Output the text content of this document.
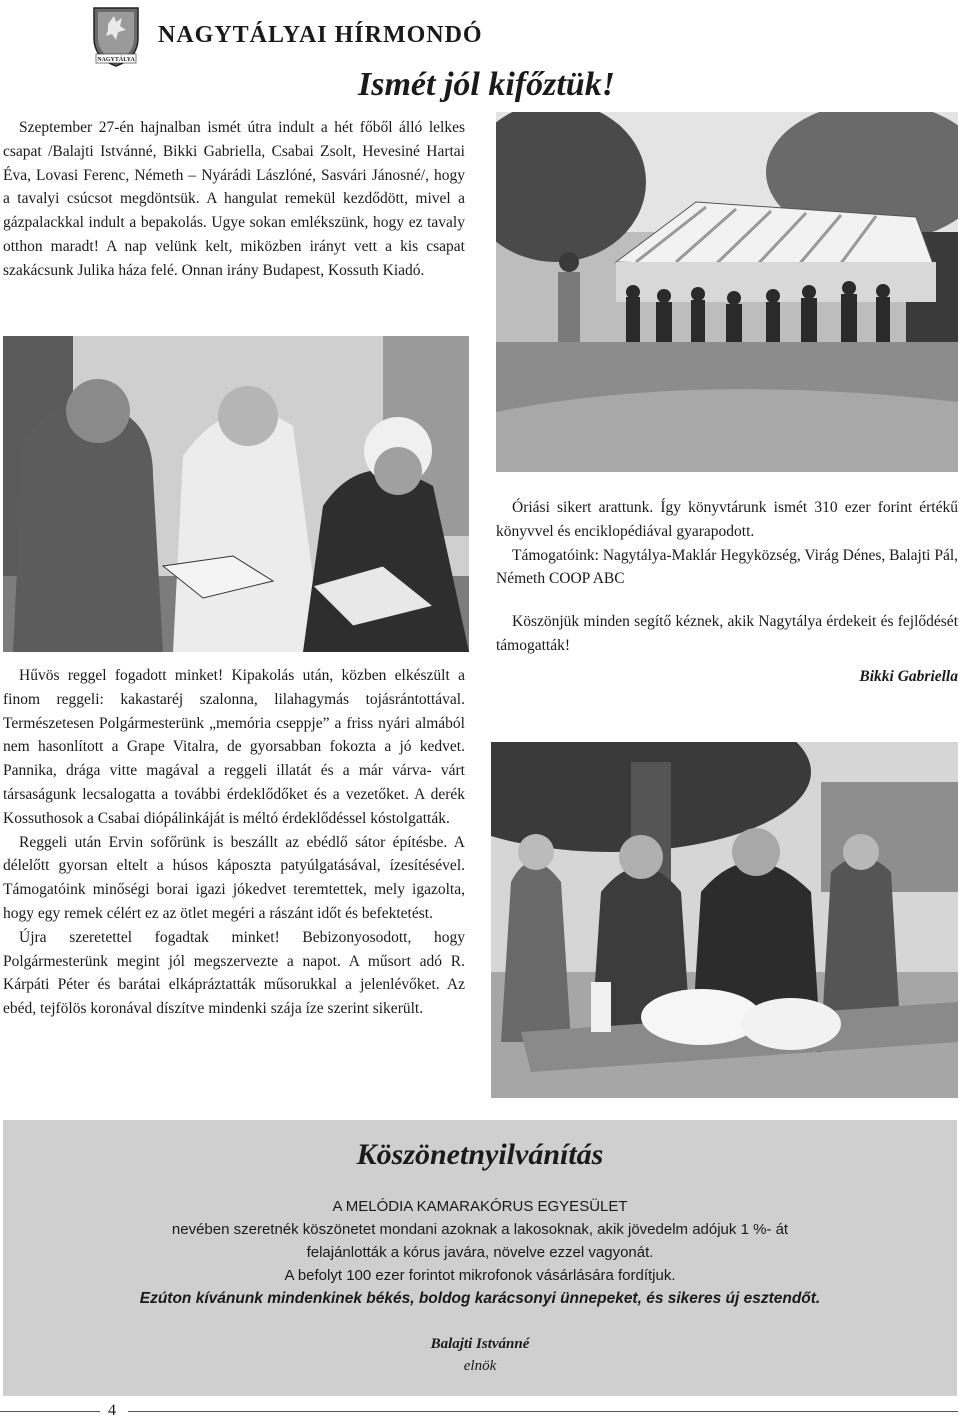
NAGYTÁLYA
NAGYTÁLYAI HÍRMONDÓ
Ismét jól kifőztük!

Szeptember 27-én hajnalban ismét útra indult a hét főből álló lelkes csapat /Balajti Istvánné, Bikki Gabriella, Csabai Zsolt, Hevesiné Hartai Éva, Lovasi Ferenc, Németh – Nyárádi Lászlóné, Sasvári Jánosné/, hogy a tavalyi csúcsot megdöntsük. A hangulat remekül kezdődött, mivel a gázpalackkal indult a bepakolás. Ugye sokan emlékszünk, hogy ez tavaly otthon maradt! A nap velünk kelt, miközben irányt vett a kis csapat szakácsunk Julika háza felé. Onnan irány Budapest, Kossuth Kiadó.

Hűvös reggel fogadott minket! Kipakolás után, közben elkészült a finom reggeli: kakastaréj szalonna, lilahagymás tojásrántottával. Természetesen Polgármesterünk „memória cseppje” a friss nyári almából nem hasonlított a Grape Vitalra, de gyorsabban fokozta a jó kedvet. Pannika, drága vitte magával a reggeli illatát és a már várva- várt társaságunk lecsalogatta a további érdeklődőket és a vezetőket. A derék Kossuthosok a Csabai diópálinkáját is méltó érdeklődéssel kóstolgatták.

Reggeli után Ervin sofőrünk is beszállt az ebédlő sátor építésbe. A délelőtt gyorsan eltelt a húsos káposzta patyúlgatásával, ízesítésével. Támogatóink minőségi borai igazi jókedvet teremtettek, mely igazolta, hogy egy remek célért ez az ötlet megéri a rászánt időt és befektetést.

Újra szeretettel fogadtak minket! Bebizonyosodott, hogy Polgármesterünk megint jól megszervezte a napot. A műsort adó R. Kárpáti Péter és barátai elkápráztatták műsorukkal a jelenlévőket. Az ebéd, tejfölös koronával díszítve mindenki szája íze szerint sikerült.

Óriási sikert arattunk. Így könyvtárunk ismét 310 ezer forint értékű könyvvel és enciklopédiával gyarapodott.

Támogatóink: Nagytálya-Maklár Hegyközség, Virág Dénes, Balajti Pál, Németh COOP ABC

Köszönjük minden segítő kéznek, akik Nagytálya érdekeit és fejlődését támogatták!

Bikki Gabriella
Köszönetnyilvánítás
A MELÓDIA KAMARAKÓRUS EGYESÜLET
nevében szeretnék köszönetet mondani azoknak a lakosoknak, akik jövedelm adójuk 1 %- át
felajánlották a kórus javára, növelve ezzel vagyonát.
A befolyt 100 ezer forintot mikrofonok vásárlására fordítjuk.
Ezúton kívánunk mindenkinek békés, boldog karácsonyi ünnepeket, és sikeres új esztendőt.
Balajti Istvánné
elnök
4
